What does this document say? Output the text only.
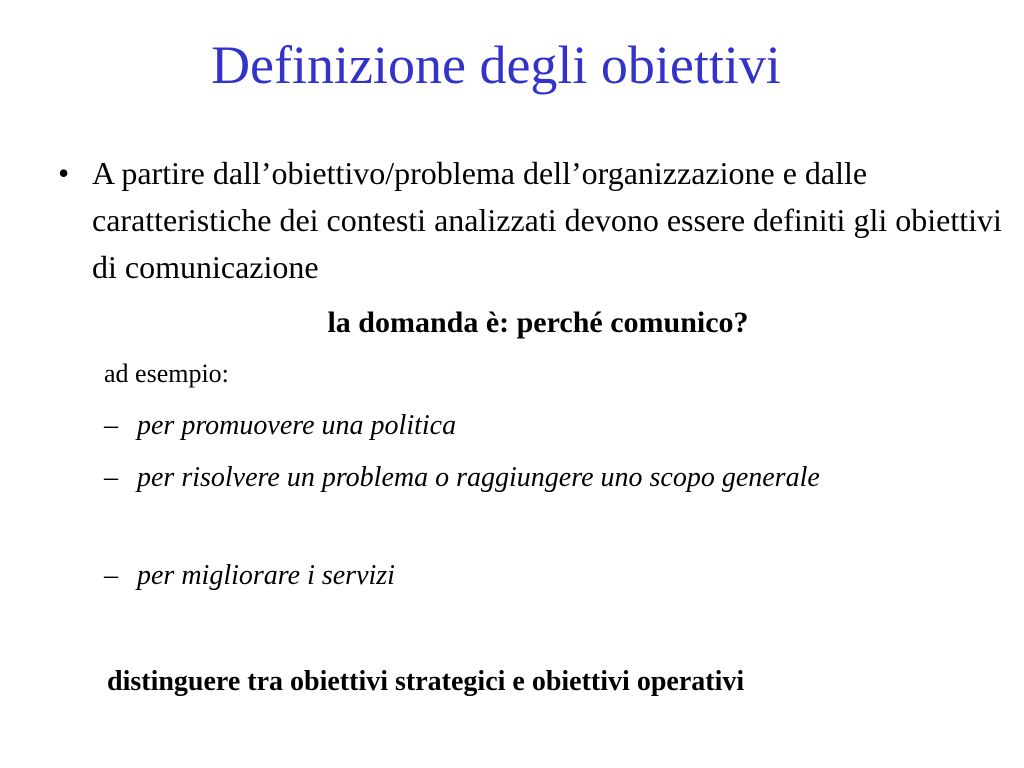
Definizione degli obiettivi
• A partire dall’obiettivo/problema dell’organizzazione e dalle caratteristiche dei contesti analizzati devono essere definiti gli obiettivi di comunicazione
la domanda è: perché comunico?
ad esempio:
– per promuovere una politica
– per risolvere un problema o raggiungere uno scopo generale
– per migliorare i servizi
distinguere tra obiettivi strategici e obiettivi operativi
